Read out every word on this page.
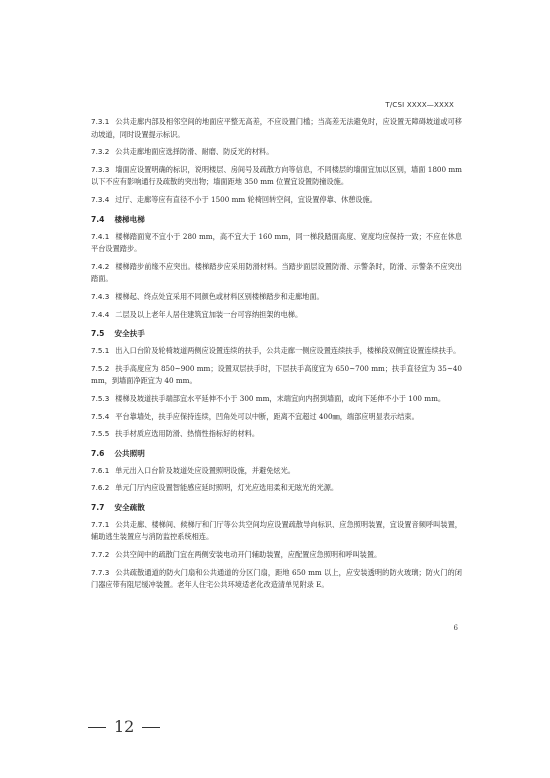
T/CSI XXXX—XXXX
7.3.1 公共走廊内部及相邻空间的地面应平整无高差，不应设置门槛；当高差无法避免时，应设置无障碍坡道或可移动坡道，同时设置提示标识。
7.3.2 公共走廊地面应选择防滑、耐磨、防反光的材料。
7.3.3 墙面应设置明确的标识，说明楼层、房间号及疏散方向等信息，不同楼层的墙面宜加以区别，墙面 1800 mm 以下不应有影响通行及疏散的突出物；墙面距地 350 mm 位置宜设置防撞设施。
7.3.4 过厅、走廊等应有直径不小于 1500 mm 轮椅回转空间，宜设置停靠、休憩设施。
7.4 楼梯电梯
7.4.1 楼梯踏面宽不宜小于 280 mm，高不宜大于 160 mm，同一梯段踏面高度、宽度均应保持一致；不应在休息平台设置踏步。
7.4.2 楼梯踏步前缘不应突出。楼梯踏步应采用防滑材料。当踏步面层设置防滑、示警条时，防滑、示警条不应突出踏面。
7.4.3 楼梯起、终点处宜采用不同颜色或材料区别楼梯踏步和走廊地面。
7.4.4 二层及以上老年人居住建筑宜加装一台可容纳担架的电梯。
7.5 安全扶手
7.5.1 出入口台阶及轮椅坡道两侧应设置连续的扶手，公共走廊一侧应设置连续扶手，楼梯段双侧宜设置连续扶手。
7.5.2 扶手高度应为 850~900 mm；设置双层扶手时，下层扶手高度宜为 650~700 mm；扶手直径宜为 35~40 mm，到墙面净距宜为 40 mm。
7.5.3 楼梯及坡道扶手端部宜水平延伸不小于 300 mm，末端宜向内拐到墙面，或向下延伸不小于 100 mm。
7.5.4 平台靠墙处，扶手应保持连续，凹角处可以中断，距离不宜超过 400㎜，端部应明显表示结束。
7.5.5 扶手材质应选用防滑、热惰性指标好的材料。
7.6 公共照明
7.6.1 单元出入口台阶及坡道处应设置照明设施，并避免炫光。
7.6.2 单元门厅内应设置智能感应延时照明，灯光应选用柔和无眩光的光源。
7.7 安全疏散
7.7.1 公共走廊、楼梯间、候梯厅和门厅等公共空间均应设置疏散导向标识、应急照明装置，宜设置音频呼叫装置，辅助逃生装置应与消防监控系统相连。
7.7.2 公共空间中的疏散门宜在两侧安装电动开门辅助装置，应配置应急照明和呼叫装置。
7.7.3 公共疏散通道的防火门扇和公共通道的分区门扇，距地 650 mm 以上，应安装透明的防火玻璃；防火门的闭门器应带有阻尼缓冲装置。老年人住宅公共环境适老化改造清单见附录 E。
6
12
